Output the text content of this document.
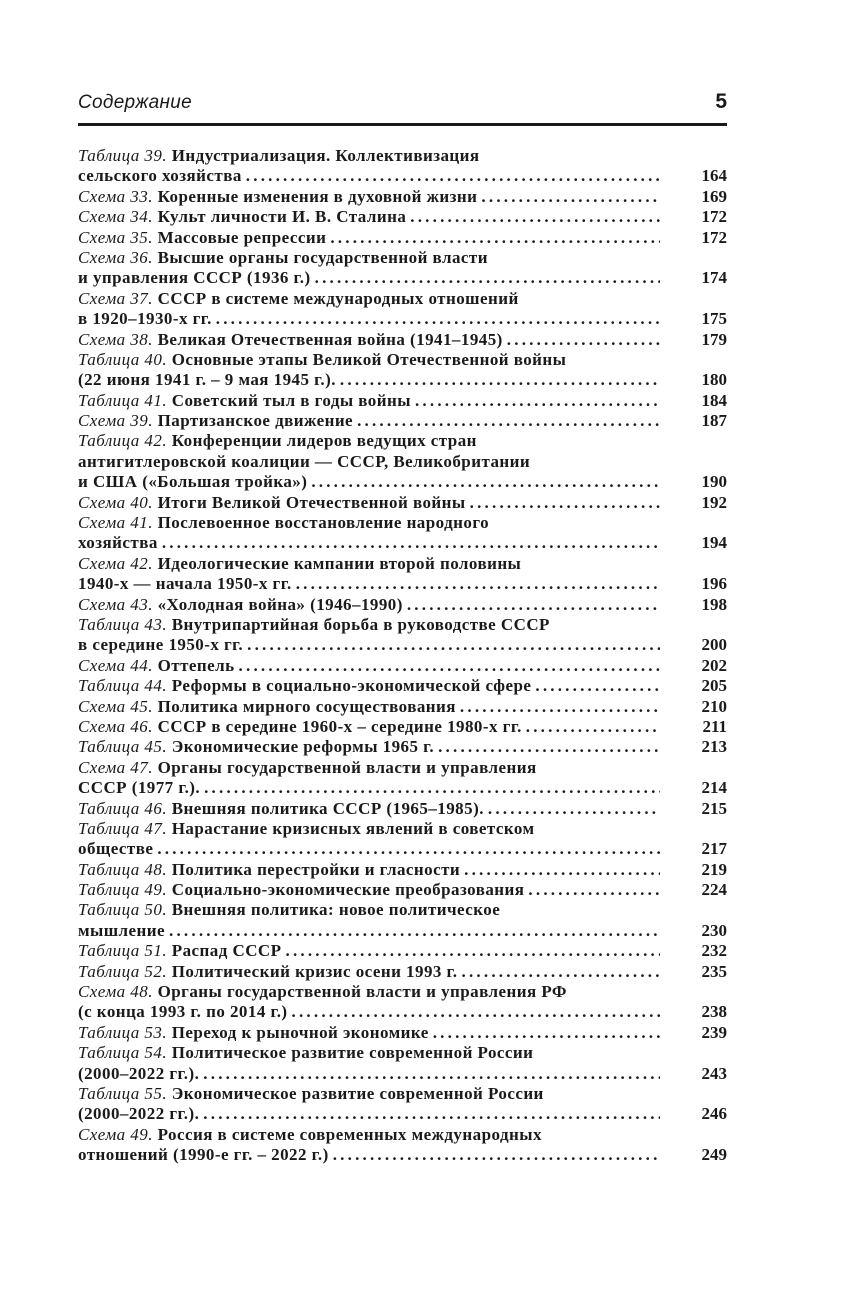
Содержание	5
Таблица 39. Индустриализация. Коллективизация
сельского хозяйства .....	164
Схема 33. Коренные изменения в духовной жизни .....	169
Схема 34. Культ личности И. В. Сталина .....	172
Схема 35. Массовые репрессии .....	172
Схема 36. Высшие органы государственной власти
и управления СССР (1936 г.) .....	174
Схема 37. СССР в системе международных отношений
в 1920–1930-х гг. .....	175
Схема 38. Великая Отечественная война (1941–1945) .....	179
Таблица 40. Основные этапы Великой Отечественной войны
(22 июня 1941 г. – 9 мая 1945 г.). .....	180
Таблица 41. Советский тыл в годы войны .....	184
Схема 39. Партизанское движение .....	187
Таблица 42. Конференции лидеров ведущих стран
антигитлеровской коалиции — СССР, Великобритании
и США («Большая тройка») .....	190
Схема 40. Итоги Великой Отечественной войны .....	192
Схема 41. Послевоенное восстановление народного
хозяйства .....	194
Схема 42. Идеологические кампании второй половины
1940-х — начала 1950-х гг. .....	196
Схема 43. «Холодная война» (1946–1990) .....	198
Таблица 43. Внутрипартийная борьба в руководстве СССР
в середине 1950-х гг. .....	200
Схема 44. Оттепель .....	202
Таблица 44. Реформы в социально-экономической сфере .....	205
Схема 45. Политика мирного сосуществования .....	210
Схема 46. СССР в середине 1960-х – середине 1980-х гг. .....	211
Таблица 45. Экономические реформы 1965 г. .....	213
Схема 47. Органы государственной власти и управления
СССР (1977 г.). .....	214
Таблица 46. Внешняя политика СССР (1965–1985). .....	215
Таблица 47. Нарастание кризисных явлений в советском
обществе .....	217
Таблица 48. Политика перестройки и гласности .....	219
Таблица 49. Социально-экономические преобразования .....	224
Таблица 50. Внешняя политика: новое политическое
мышление .....	230
Таблица 51. Распад СССР .....	232
Таблица 52. Политический кризис осени 1993 г. .....	235
Схема 48. Органы государственной власти и управления РФ
(с конца 1993 г. по 2014 г.) .....	238
Таблица 53. Переход к рыночной экономике .....	239
Таблица 54. Политическое развитие современной России
(2000–2022 гг.). .....	243
Таблица 55. Экономическое развитие современной России
(2000–2022 гг.). .....	246
Схема 49. Россия в системе современных международных
отношений (1990-е гг. – 2022 г.) .....	249
